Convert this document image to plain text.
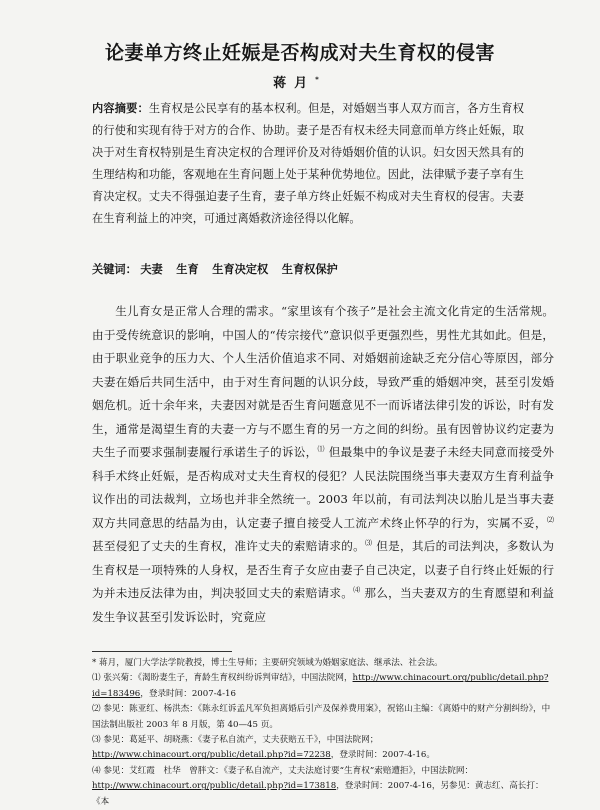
论妻单方终止妊娠是否构成对夫生育权的侵害
蒋月*
内容摘要：生育权是公民享有的基本权利。但是，对婚姻当事人双方而言，各方生育权的行使和实现有待于对方的合作、协助。妻子是否有权未经夫同意而单方终止妊娠，取决于对生育权特别是生育决定权的合理评价及对待婚姻价值的认识。妇女因天然具有的生理结构和功能，客观地在生育问题上处于某种优势地位。因此，法律赋予妻子享有生育决定权。丈夫不得强迫妻子生育，妻子单方终止妊娠不构成对夫生育权的侵害。夫妻在生育利益上的冲突，可通过离婚救济途径得以化解。
关键词： 夫妻 生育 生育决定权 生育权保护
生儿育女是正常人合理的需求。“家里该有个孩子”是社会主流文化肯定的生活常规。由于受传统意识的影响，中国人的“传宗接代”意识似乎更强烈些，男性尤其如此。但是，由于职业竞争的压力大、个人生活价值追求不同、对婚姻前途缺乏充分信心等原因，部分夫妻在婚后共同生活中，由于对生育问题的认识分歧，导致严重的婚姻冲突，甚至引发婚姻危机。近十余年来，夫妻因对就是否生育问题意见不一而诉诸法律引发的诉讼，时有发生，通常是渴望生育的夫妻一方与不愿生育的另一方之间的纠纷。虽有因曾协议约定妻为夫生子而要求强制妻履行承诺生子的诉讼，⑴ 但最集中的争议是妻子未经夫同意而接受外科手术终止妊娠，是否构成对丈夫生育权的侵犯？人民法院围绕当事夫妻双方生育利益争议作出的司法裁判，立场也并非全然统一。2003 年以前，有司法判决以胎儿是当事夫妻双方共同意思的结晶为由，认定妻子擅自接受人工流产术终止怀孕的行为，实属不妥，⑵ 甚至侵犯了丈夫的生育权，准许丈夫的索赔请求的。⑶ 但是，其后的司法判决，多数认为生育权是一项特殊的人身权，是否生育子女应由妻子自己决定，以妻子自行终止妊娠的行为并未违反法律为由，判决驳回丈夫的索赔请求。⑷ 那么，当夫妻双方的生育愿望和利益发生争议甚至引发诉讼时，究竟应
* 蒋月，厦门大学法学院教授，博士生导师；主要研究领域为婚姻家庭法、继承法、社会法。
⑴ 张兴菊：《渴盼妻生子，育龄生育权纠纷诉判审结》，中国法院网，http://www.chinacourt.org/public/detail.php?id=183496，登录时间：2007-4-16
⑵ 参见：陈亚红、杨洪杰：《陈永红诉孟凡军负担离婚后引产及保养费用案》，祝铭山主编：《离婚中的财产分割纠纷》，中国法制出版社 2003 年 8 月版，第 40—45 页。
⑶ 参见：葛延平、胡晓燕：《妻子私自流产，丈夫获赔五千》，中国法院网；http://www.chinacourt.org/public/detail.php?id=72238，登录时间：2007-4-16。
⑷ 参见：艾红霞　杜华　曾胖文：《妻子私自流产，丈夫法庭讨要“生育权”索赔遭拒》，中国法院网：http://www.chinacourt.org/public/detail.php?id=173818，登录时间：2007-4-16，另参见：黄志红、高长打：《本
